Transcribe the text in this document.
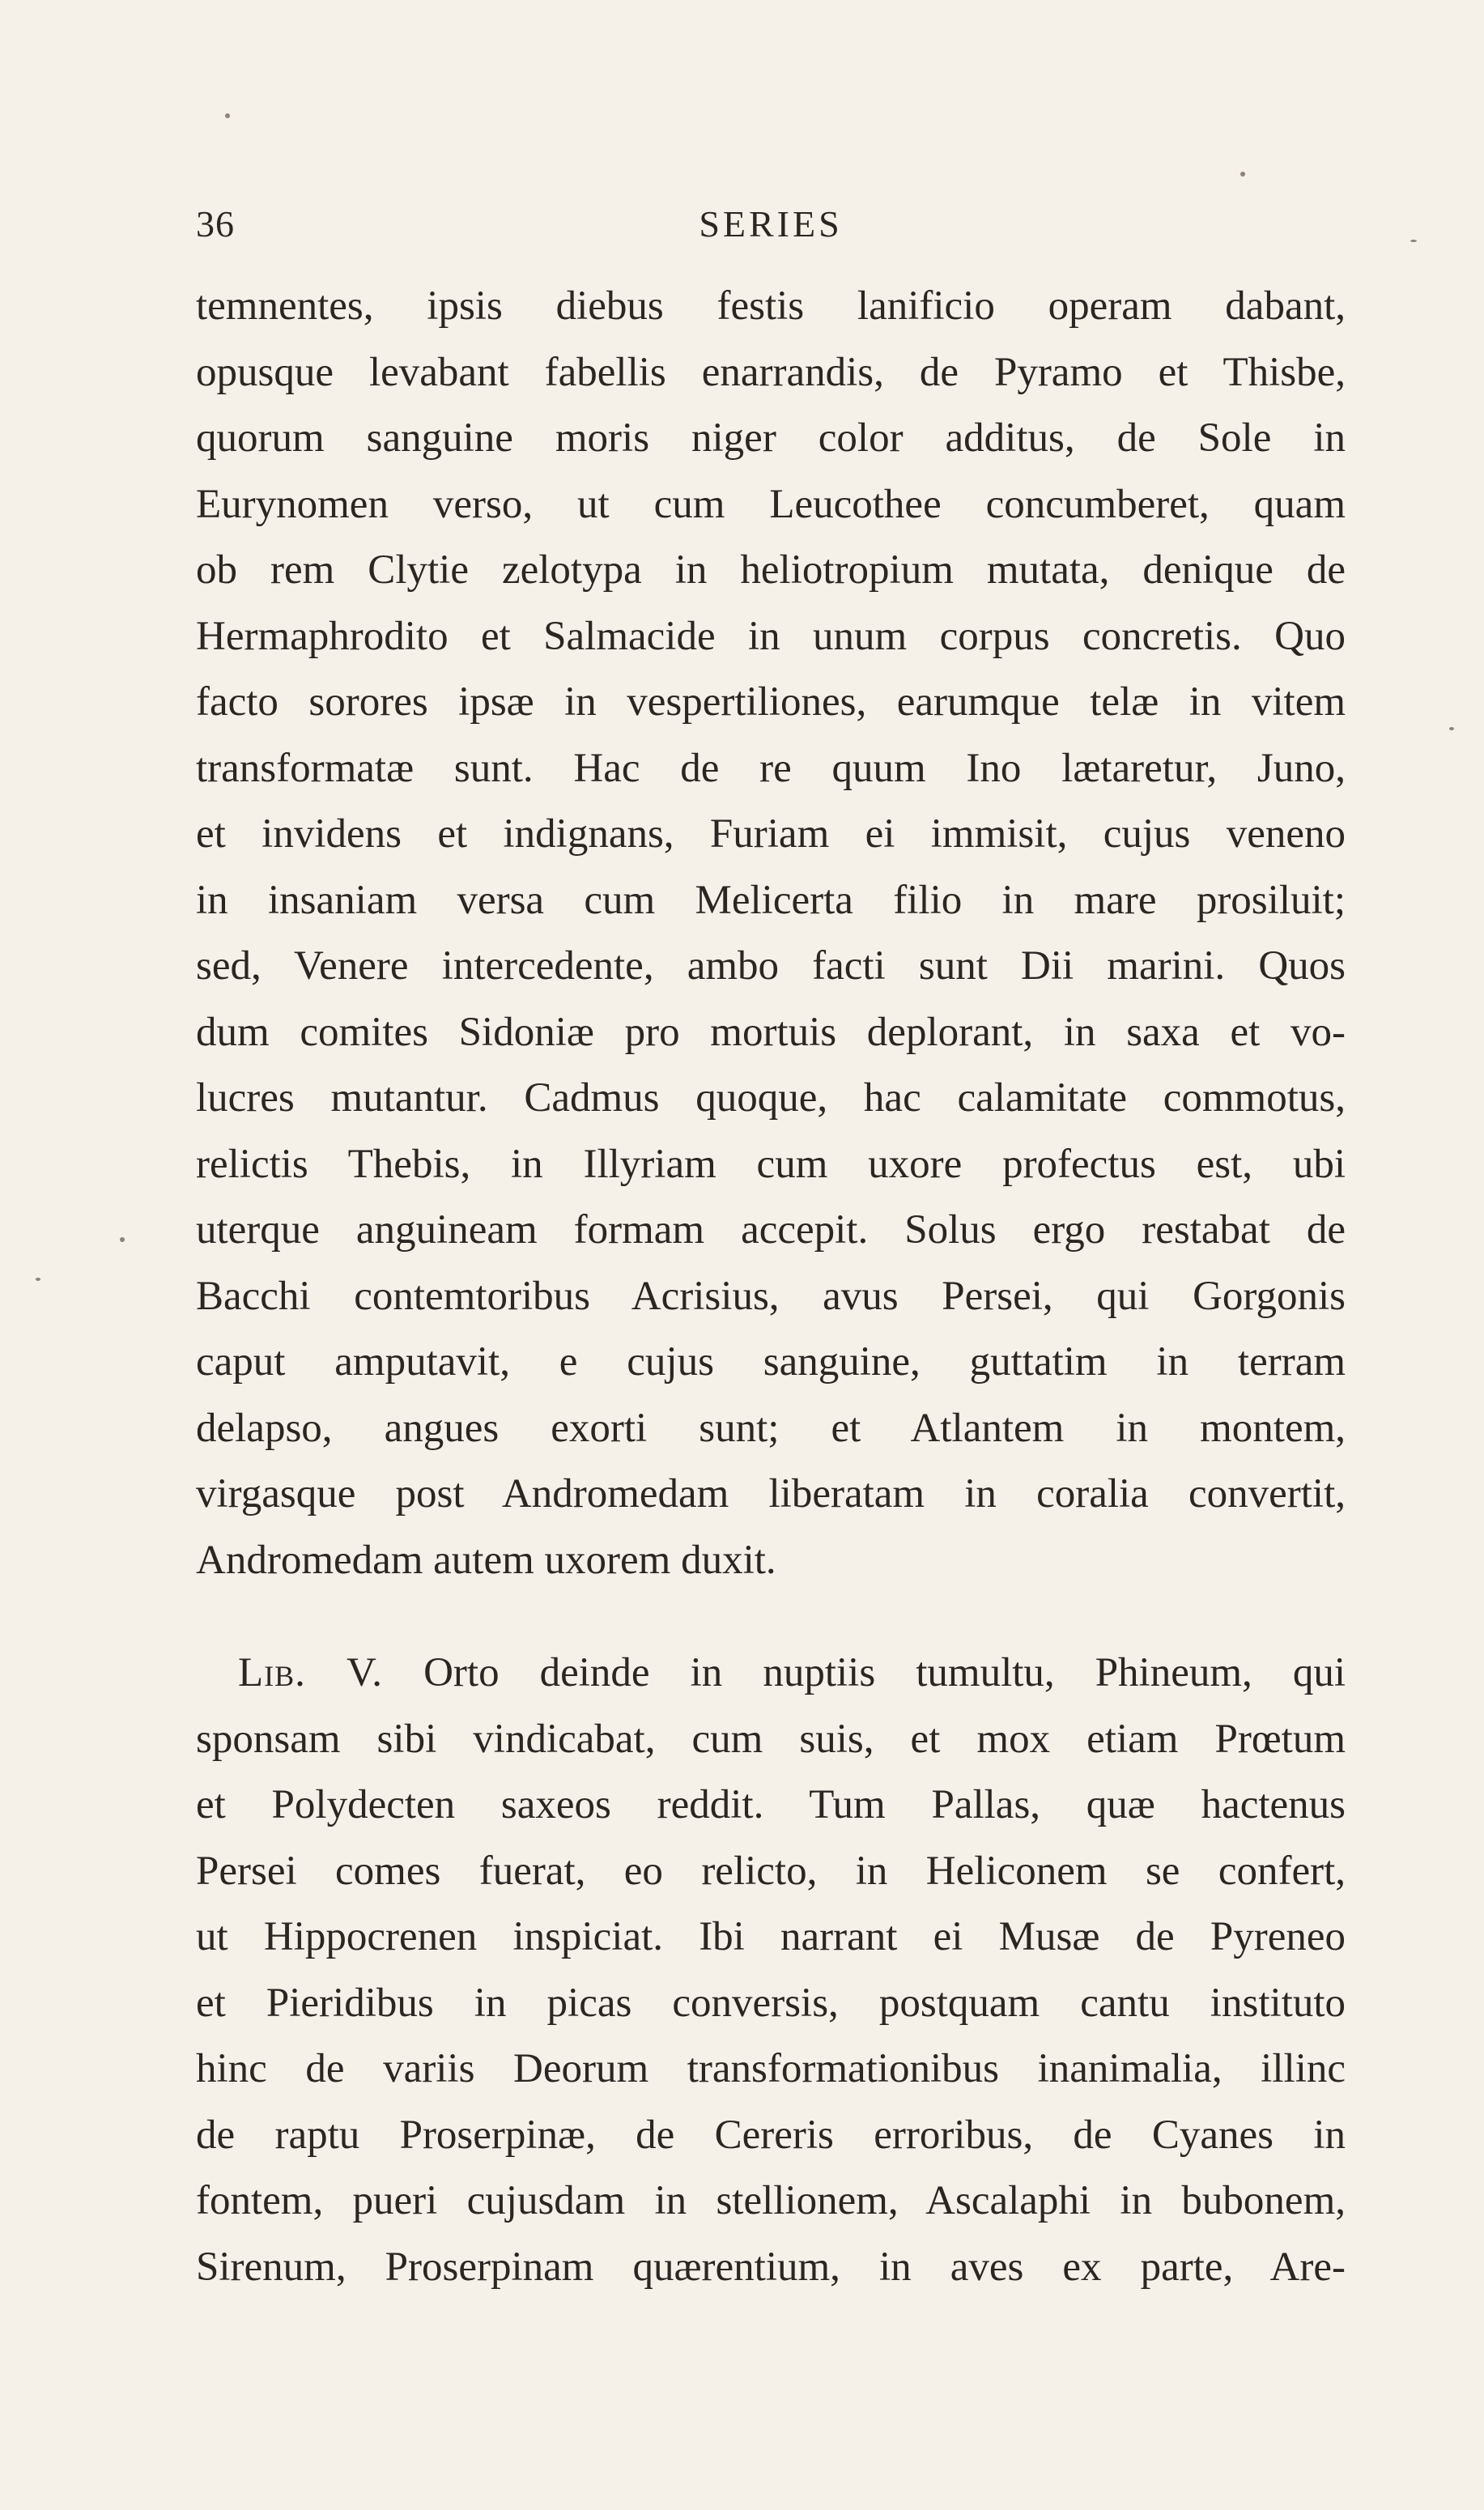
36	SERIES
temnentes, ipsis diebus festis lanificio operam dabant,
opusque levabant fabellis enarrandis, de Pyramo et Thisbe,
quorum sanguine moris niger color additus, de Sole in
Eurynomen verso, ut cum Leucothee concumberet, quam
ob rem Clytie zelotypa in heliotropium mutata, denique de
Hermaphrodito et Salmacide in unum corpus concretis. Quo
facto sorores ipsæ in vespertiliones, earumque telæ in vitem
transformatæ sunt. Hac de re quum Ino lætaretur, Juno,
et invidens et indignans, Furiam ei immisit, cujus veneno
in insaniam versa cum Melicerta filio in mare prosiluit;
sed, Venere intercedente, ambo facti sunt Dii marini. Quos
dum comites Sidoniæ pro mortuis deplorant, in saxa et vo-
lucres mutantur. Cadmus quoque, hac calamitate commotus,
relictis Thebis, in Illyriam cum uxore profectus est, ubi
uterque anguineam formam accepit. Solus ergo restabat de
Bacchi contemtoribus Acrisius, avus Persei, qui Gorgonis
caput amputavit, e cujus sanguine, guttatim in terram
delapso, angues exorti sunt; et Atlantem in montem,
virgasque post Andromedam liberatam in coralia convertit,
Andromedam autem uxorem duxit.
Lib. V. Orto deinde in nuptiis tumultu, Phineum, qui
sponsam sibi vindicabat, cum suis, et mox etiam Prœtum
et Polydecten saxeos reddit. Tum Pallas, quæ hactenus
Persei comes fuerat, eo relicto, in Heliconem se confert,
ut Hippocrenen inspiciat. Ibi narrant ei Musæ de Pyreneo
et Pieridibus in picas conversis, postquam cantu instituto
hinc de variis Deorum transformationibus inanimalia, illinc
de raptu Proserpinæ, de Cereris erroribus, de Cyanes in
fontem, pueri cujusdam in stellionem, Ascalaphi in bubonem,
Sirenum, Proserpinam quærentium, in aves ex parte, Are-
